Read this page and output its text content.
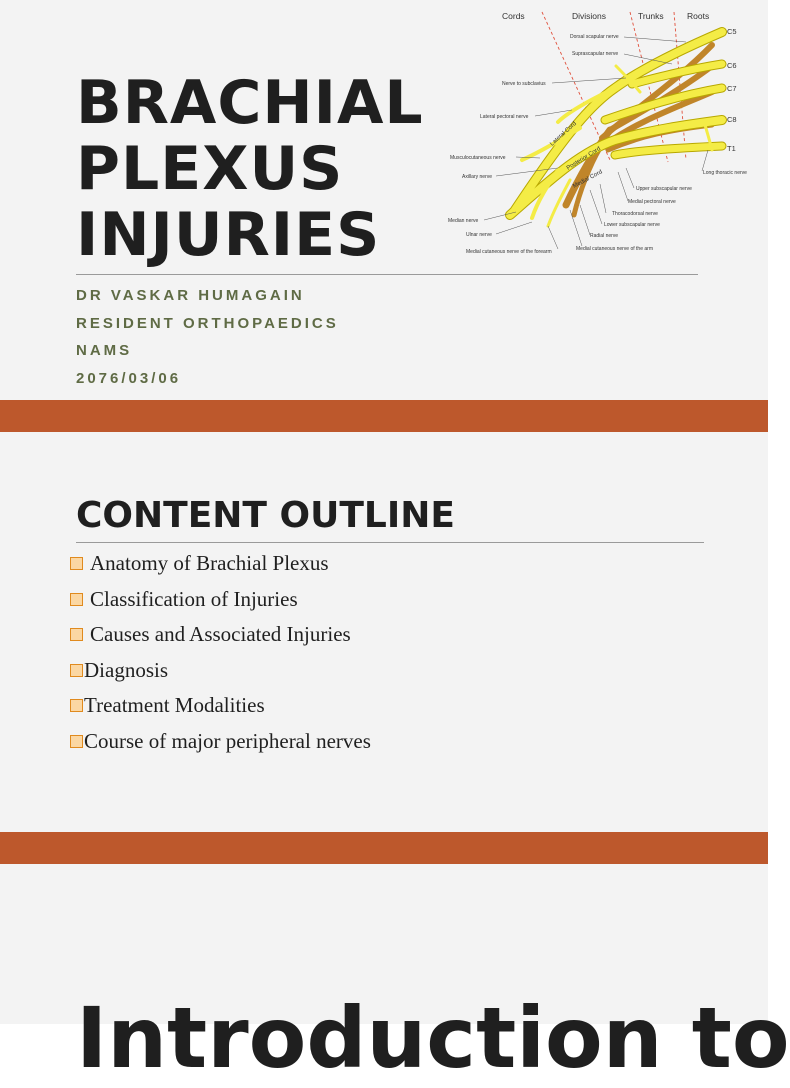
BRACHIAL
PLEXUS
INJURIES
DR VASKAR HUMAGAIN
RESIDENT ORTHOPAEDICS
NAMS
2076/03/06
Cords	Divisions	Trunks	Roots
C5
C6
C7
C8
T1
Lateral Cord
Posterior Cord
Medial Cord
Dorsal scapular nerve
Suprascapular nerve
Nerve to subclavius
Lateral pectoral nerve
Musculocutaneous nerve
Axillary nerve
Median nerve
Ulnar nerve
Medial cutaneous nerve of the forearm
Long thoracic nerve
Upper subscapular nerve
Medial pectoral nerve
Thoracodorsal nerve
Lower subscapular nerve
Radial nerve
Medial cutaneous nerve of the arm
CONTENT OUTLINE
Anatomy of Brachial Plexus
Classification of Injuries
Causes and Associated Injuries
Diagnosis
Treatment Modalities
Course of major peripheral nerves
Introduction to
